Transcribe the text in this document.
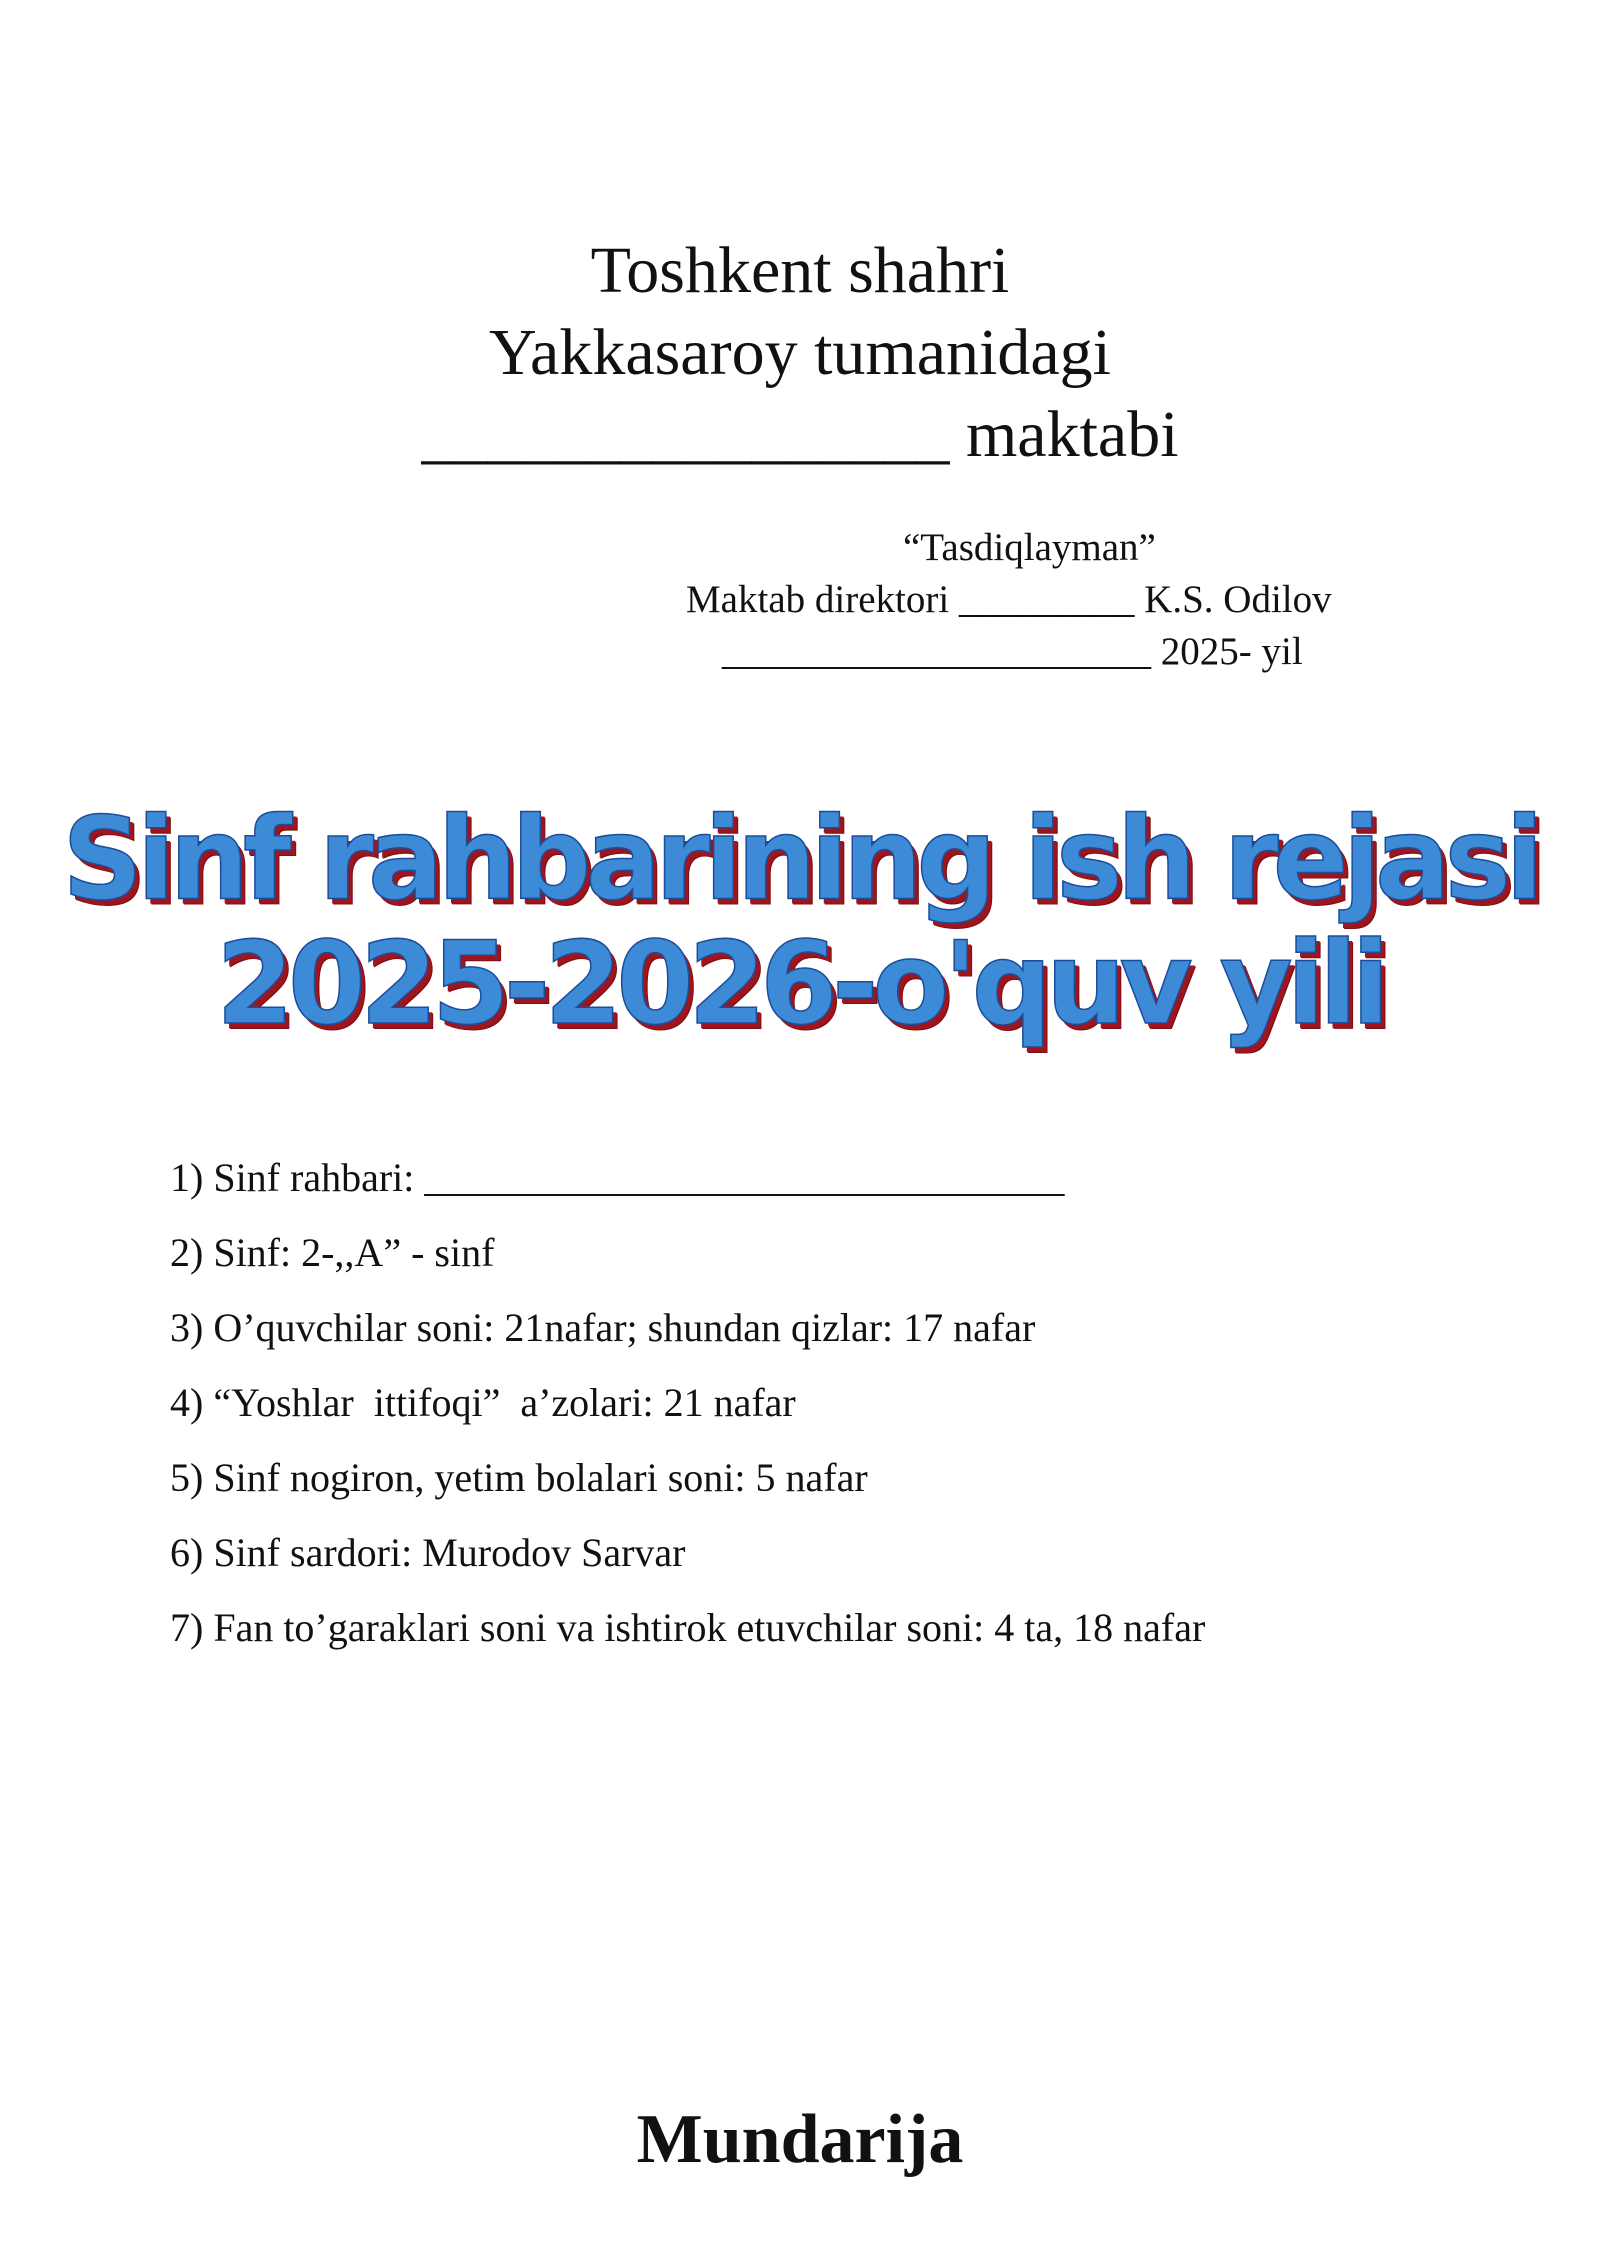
Toshkent shahri
Yakkasaroy tumanidagi
________________ maktabi
“Tasdiqlayman”
Maktab direktori _________ K.S. Odilov
______________________ 2025- yil
Sinf rahbarining ish rejasi
2025-2026-o'quv yili
1) Sinf rahbari: ________________________________
2) Sinf: 2-,,A” - sinf
3) O’quvchilar soni: 21nafar; shundan qizlar: 17 nafar
4) “Yoshlar  ittifoqi”  a’zolari: 21 nafar
5) Sinf nogiron, yetim bolalari soni: 5 nafar
6) Sinf sardori: Murodov Sarvar
7) Fan to’garaklari soni va ishtirok etuvchilar soni: 4 ta, 18 nafar
Mundarija
